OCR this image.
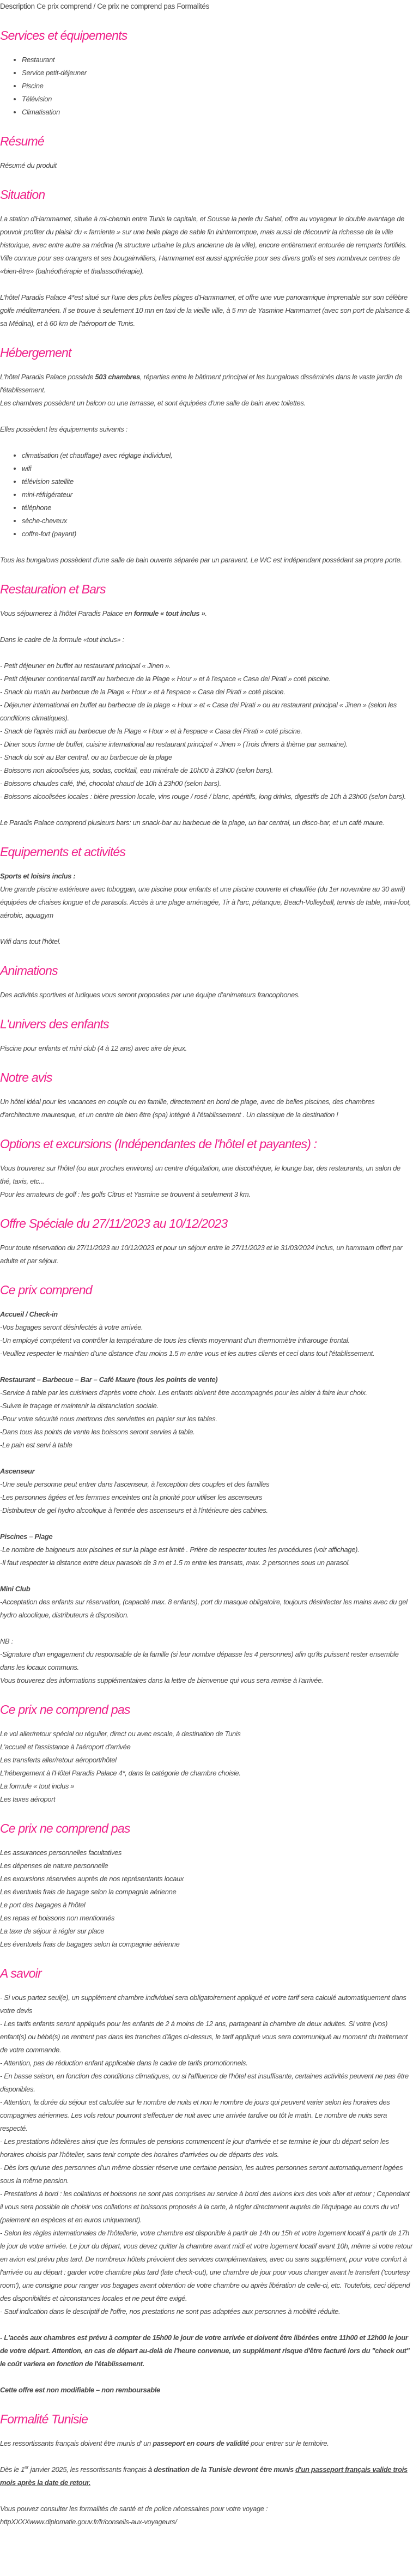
Description Ce prix comprend / Ce prix ne comprend pas Formalités
Services et équipements
• Restaurant
• Service petit-déjeuner
• Piscine
• Télévision
• Climatisation
Résumé

Résumé du produit

Situation

La station d'Hammamet, située à mi-chemin entre Tunis la capitale, et Sousse la perle du Sahel, offre au voyageur le double avantage de pouvoir profiter du plaisir du « farniente » sur une belle plage de sable fin ininterrompue, mais aussi de découvrir la richesse de la ville historique, avec entre autre sa médina (la structure urbaine la plus ancienne de la ville), encore entièrement entourée de remparts fortifiés. Ville connue pour ses orangers et ses bougainvilliers, Hammamet est aussi appréciée pour ses divers golfs et ses nombreux centres de «bien-être» (balnéothérapie et thalassothérapie).

L'hôtel Paradis Palace 4*est situé sur l'une des plus belles plages d'Hammamet, et offre une vue panoramique imprenable sur son célèbre golfe méditerranéen. Il se trouve à seulement 10 mn en taxi de la vieille ville, à 5 mn de Yasmine Hammamet (avec son port de plaisance & sa Médina), et à 60 km de l'aéroport de Tunis.

Hébergement

L'hôtel Paradis Palace possède 503 chambres, réparties entre le bâtiment principal et les bungalows disséminés dans le vaste jardin de l'établissement.
Les chambres possèdent un balcon ou une terrasse, et sont équipées d'une salle de bain avec toilettes.

Elles possèdent les équipements suivants :

• climatisation (et chauffage) avec réglage individuel,
• wifi
• télévision satellite
• mini-réfrigérateur
• téléphone
• sèche-cheveux
• coffre-fort (payant)

Tous les bungalows possèdent d'une salle de bain ouverte séparée par un paravent. Le WC est indépendant possédant sa propre porte.

Restauration et Bars

Vous séjournerez à l'hôtel Paradis Palace en formule « tout inclus ».

Dans le cadre de la formule «tout inclus» :

- Petit déjeuner en buffet au restaurant principal « Jinen ».
- Petit déjeuner continental tardif au barbecue de la Plage « Hour » et à l'espace « Casa dei Pirati » coté piscine.
- Snack du matin au barbecue de la Plage « Hour » et à l'espace « Casa dei Pirati » coté piscine.
- Déjeuner international en buffet au barbecue de la plage « Hour » et « Casa dei Pirati » ou au restaurant principal « Jinen » (selon les conditions climatiques).
- Snack de l'après midi au barbecue de la Plage « Hour » et à l'espace « Casa dei Pirati » coté piscine.
- Diner sous forme de buffet, cuisine international au restaurant principal « Jinen » (Trois diners à thème par semaine).
- Snack du soir au Bar central. ou au barbecue de la plage
- Boissons non alcoolisées jus, sodas, cocktail, eau minérale de 10h00 à 23h00 (selon bars).
- Boissons chaudes café, thé, chocolat chaud de 10h à 23h00 (selon bars).
- Boissons alcoolisées locales : bière pression locale, vins rouge / rosé / blanc, apéritifs, long drinks, digestifs de 10h à 23h00 (selon bars).

Le Paradis Palace comprend plusieurs bars: un snack-bar au barbecue de la plage, un bar central, un disco-bar, et un café maure.

Equipements et activités

Sports et loisirs inclus :
Une grande piscine extérieure avec toboggan, une piscine pour enfants et une piscine couverte et chauffée (du 1er novembre au 30 avril) équipées de chaises longue et de parasols. Accès à une plage aménagée, Tir à l'arc, pétanque, Beach-Volleyball, tennis de table, mini-foot, aérobic, aquagym

Wifi dans tout l'hôtel.

Animations

Des activités sportives et ludiques vous seront proposées par une équipe d'animateurs francophones.

L'univers des enfants

Piscine pour enfants et mini club (4 à 12 ans) avec aire de jeux.

Notre avis

Un hôtel idéal pour les vacances en couple ou en famille, directement en bord de plage, avec de belles piscines, des chambres d'architecture mauresque, et un centre de bien être (spa) intégré à l'établissement . Un classique de la destination !

Options et excursions (Indépendantes de l'hôtel et payantes) :

Vous trouverez sur l'hôtel (ou aux proches environs) un centre d'équitation, une discothèque, le lounge bar, des restaurants, un salon de thé, taxis, etc...
Pour les amateurs de golf : les golfs Citrus et Yasmine se trouvent à seulement 3 km.

Offre Spéciale du 27/11/2023 au 10/12/2023

Pour toute réservation du 27/11/2023 au 10/12/2023 et pour un séjour entre le 27/11/2023 et le 31/03/2024 inclus, un hammam offert par adulte et par séjour.

Ce prix comprend

Accueil / Check-in
-Vos bagages seront désinfectés à votre arrivée.
-Un employé compétent va contrôler la température de tous les clients moyennant d'un thermomètre infrarouge frontal.
-Veuillez respecter le maintien d'une distance d'au moins 1.5 m entre vous et les autres clients et ceci dans tout l'établissement.

Restaurant – Barbecue – Bar – Café Maure (tous les points de vente)
-Service à table par les cuisiniers d'après votre choix. Les enfants doivent être accompagnés pour les aider à faire leur choix.
-Suivre le traçage et maintenir la distanciation sociale.
-Pour votre sécurité nous mettrons des serviettes en papier sur les tables.
-Dans tous les points de vente les boissons seront servies à table.
-Le pain est servi à table

Ascenseur
-Une seule personne peut entrer dans l'ascenseur, à l'exception des couples et des familles
-Les personnes âgées et les femmes enceintes ont la priorité pour utiliser les ascenseurs
-Distributeur de gel hydro alcoolique à l'entrée des ascenseurs et à l'intérieure des cabines.

Piscines – Plage
-Le nombre de baigneurs aux piscines et sur la plage est limité . Prière de respecter toutes les procédures (voir affichage).
-Il faut respecter la distance entre deux parasols de 3 m et 1.5 m entre les transats, max. 2 personnes sous un parasol.

Mini Club
-Acceptation des enfants sur réservation, (capacité max. 8 enfants), port du masque obligatoire, toujours désinfecter les mains avec du gel hydro alcoolique, distributeurs à disposition.

NB :
-Signature d'un engagement du responsable de la famille (si leur nombre dépasse les 4 personnes) afin qu'ils puissent rester ensemble dans les locaux communs.
Vous trouverez des informations supplémentaires dans la lettre de bienvenue qui vous sera remise à l'arrivée.

Ce prix ne comprend pas

Le vol aller/retour spécial ou régulier, direct ou avec escale, à destination de Tunis
L'accueil et l'assistance à l'aéroport d'arrivée
Les transferts aller/retour aéroport/hôtel
L'hébergement à l'Hôtel Paradis Palace 4*, dans la catégorie de chambre choisie.
La formule « tout inclus »
Les taxes aéroport

Ce prix ne comprend pas

Les assurances personnelles facultatives
Les dépenses de nature personnelle
Les excursions réservées auprès de nos représentants locaux
Les éventuels frais de bagage selon la compagnie aérienne
Le port des bagages à l'hôtel
Les repas et boissons non mentionnés
La taxe de séjour à régler sur place
Les éventuels frais de bagages selon la compagnie aérienne

A savoir

- Si vous partez seul(e), un supplément chambre individuel sera obligatoirement appliqué et votre tarif sera calculé automatiquement dans votre devis
- Les tarifs enfants seront appliqués pour les enfants de 2 à moins de 12 ans, partageant la chambre de deux adultes. Si votre (vos) enfant(s) ou bébé(s) ne rentrent pas dans les tranches d'âges ci-dessus, le tarif appliqué vous sera communiqué au moment du traitement de votre commande.
- Attention, pas de réduction enfant applicable dans le cadre de tarifs promotionnels.
- En basse saison, en fonction des conditions climatiques, ou si l'affluence de l'hôtel est insuffisante, certaines activités peuvent ne pas être disponibles.
- Attention, la durée du séjour est calculée sur le nombre de nuits et non le nombre de jours qui peuvent varier selon les horaires des compagnies aériennes. Les vols retour pourront s'effectuer de nuit avec une arrivée tardive ou tôt le matin. Le nombre de nuits sera respecté.
- Les prestations hôtelières ainsi que les formules de pensions commencent le jour d'arrivée et se termine le jour du départ selon les horaires choisis par l'hôtelier, sans tenir compte des horaires d'arrivées ou de départs des vols.
- Dès lors qu'une des personnes d'un même dossier réserve une certaine pension, les autres personnes seront automatiquement logées sous la même pension.
- Prestations à bord : les collations et boissons ne sont pas comprises au service à bord des avions lors des vols aller et retour ; Cependant il vous sera possible de choisir vos collations et boissons proposés à la carte, à régler directement auprès de l'équipage au cours du vol (paiement en espèces et en euros uniquement).
- Selon les règles internationales de l'hôtellerie, votre chambre est disponible à partir de 14h ou 15h et votre logement locatif à partir de 17h le jour de votre arrivée. Le jour du départ, vous devez quitter la chambre avant midi et votre logement locatif avant 10h, même si votre retour en avion est prévu plus tard. De nombreux hôtels prévoient des services complémentaires, avec ou sans supplément, pour votre confort à l'arrivée ou au départ : garder votre chambre plus tard (late check-out), une chambre de jour pour vous changer avant le transfert ('courtesy room'), une consigne pour ranger vos bagages avant obtention de votre chambre ou après libération de celle-ci, etc. Toutefois, ceci dépend des disponibilités et circonstances locales et ne peut être exigé.
- Sauf indication dans le descriptif de l'offre, nos prestations ne sont pas adaptées aux personnes à mobilité réduite.

- L'accès aux chambres est prévu à compter de 15h00 le jour de votre arrivée et doivent être libérées entre 11h00 et 12h00 le jour de votre départ. Attention, en cas de départ au-delà de l'heure convenue, un supplément risque d'être facturé lors du "check out" le coût variera en fonction de l'établissement.

Cette offre est non modifiable – non remboursable

Formalité Tunisie

Les ressortissants français doivent être munis d' un passeport en cours de validité pour entrer sur le territoire.

Dès le 1er janvier 2025, les ressortissants français à destination de la Tunisie devront être munis d'un passeport français valide trois mois après la date de retour.

Vous pouvez consulter les formalités de santé et de police nécessaires pour votre voyage :
httpXXXXwww.diplomatie.gouv.fr/fr/conseils-aux-voyageurs/
